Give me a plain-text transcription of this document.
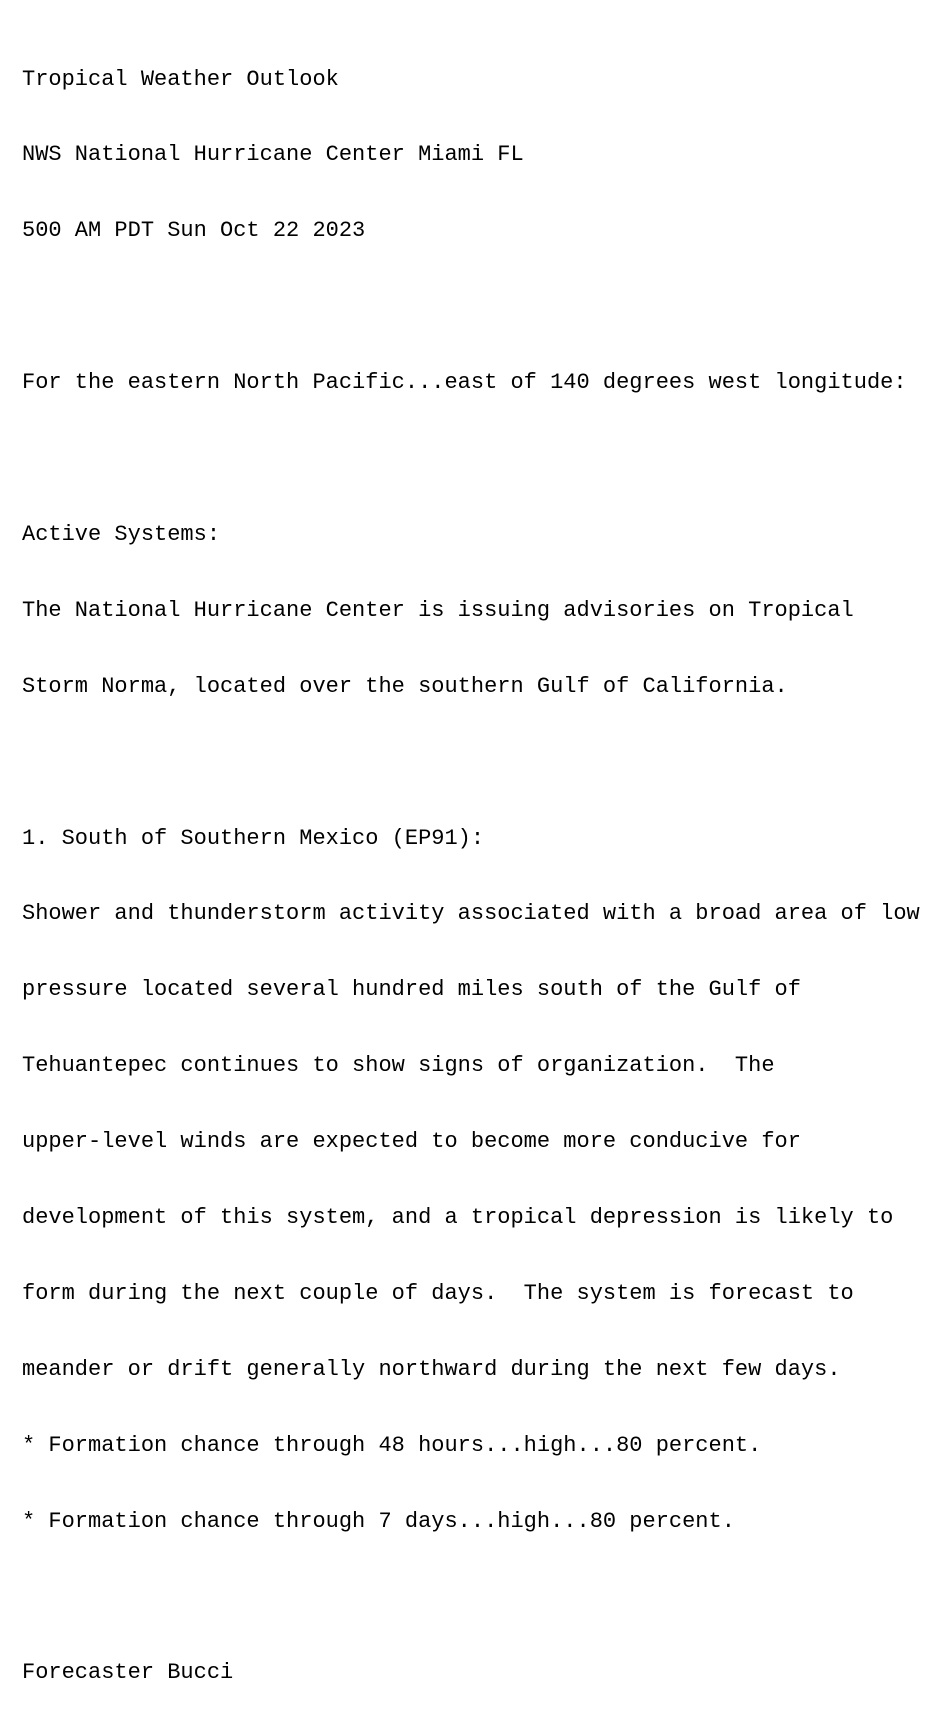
Tropical Weather Outlook

NWS National Hurricane Center Miami FL

500 AM PDT Sun Oct 22 2023

For the eastern North Pacific...east of 140 degrees west longitude:

Active Systems:

The National Hurricane Center is issuing advisories on Tropical

Storm Norma, located over the southern Gulf of California.

1. South of Southern Mexico (EP91):

Shower and thunderstorm activity associated with a broad area of low

pressure located several hundred miles south of the Gulf of

Tehuantepec continues to show signs of organization.  The

upper-level winds are expected to become more conducive for

development of this system, and a tropical depression is likely to

form during the next couple of days.  The system is forecast to

meander or drift generally northward during the next few days.

* Formation chance through 48 hours...high...80 percent.

* Formation chance through 7 days...high...80 percent.

Forecaster Bucci
